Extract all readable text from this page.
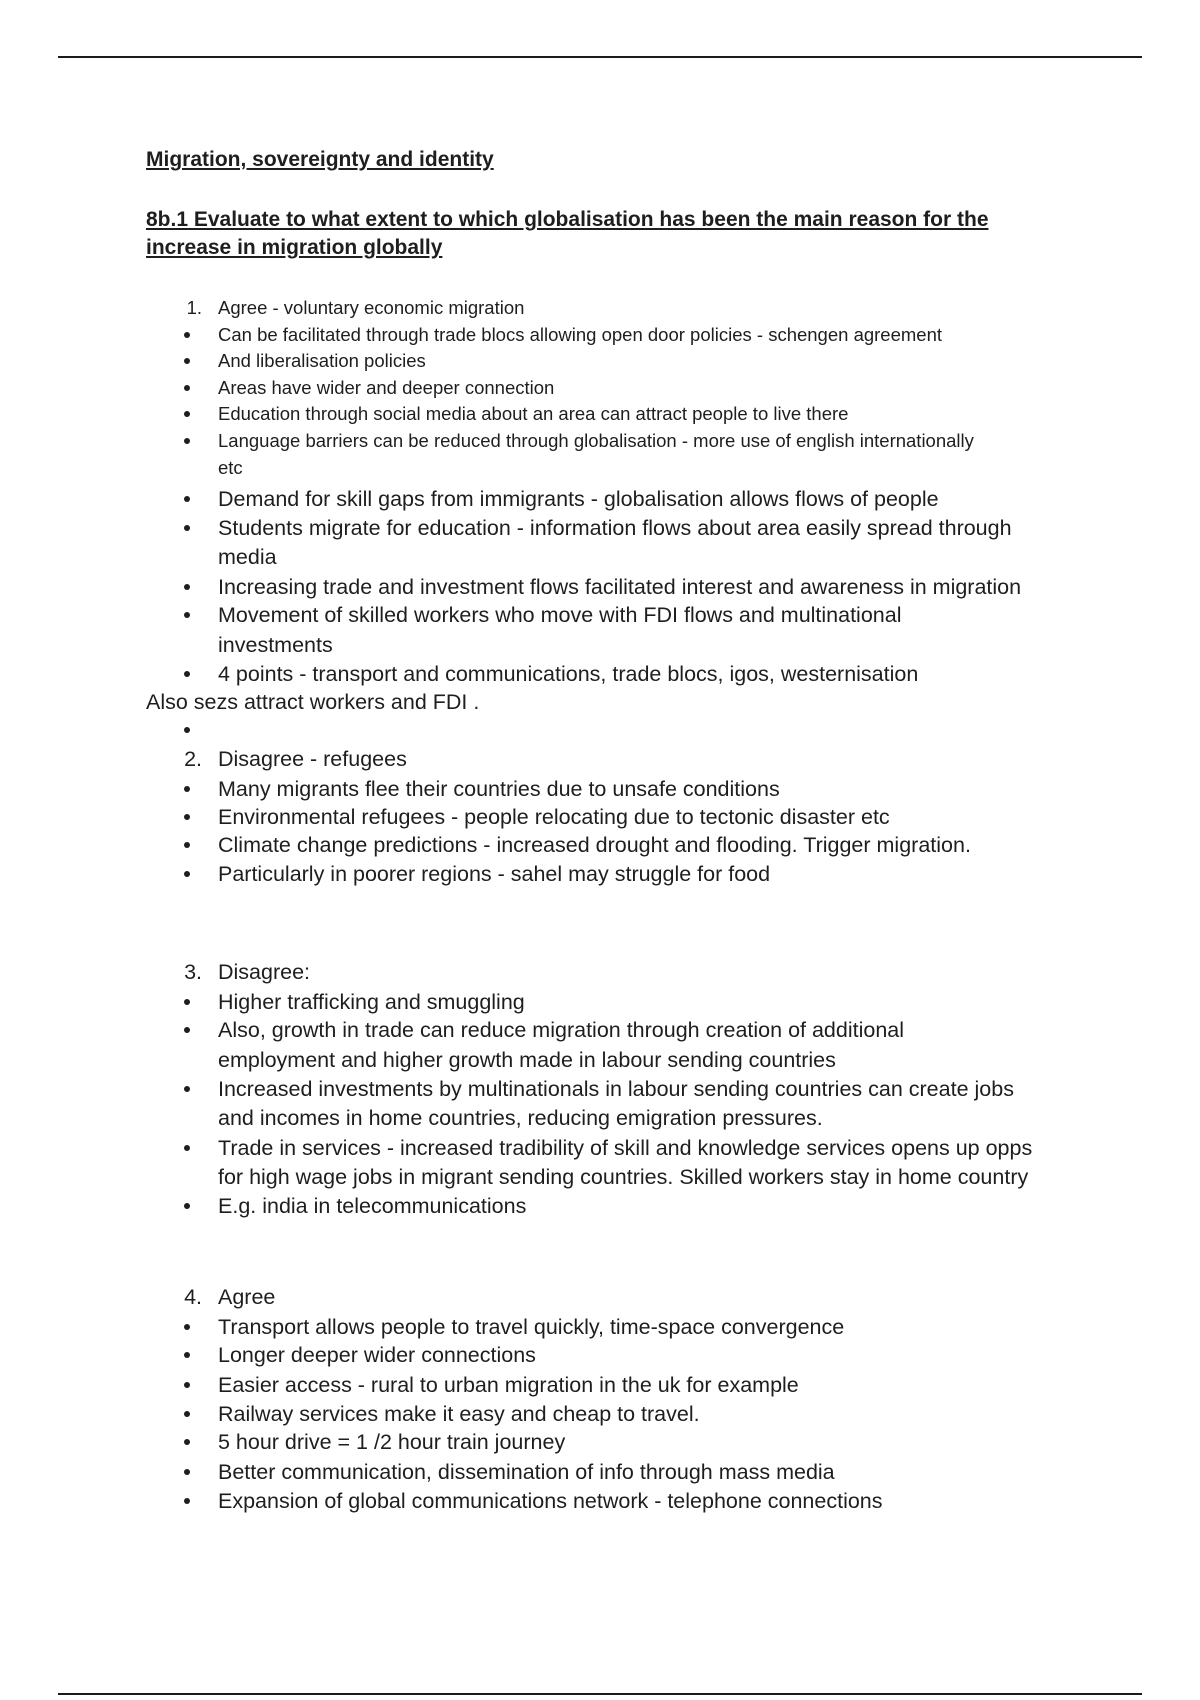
Migration, sovereignty and identity
8b.1 Evaluate to what extent to which globalisation has been the main reason for the
increase in migration globally
1. Agree - voluntary economic migration
Can be facilitated through trade blocs allowing open door policies - schengen agreement
And liberalisation policies
Areas have wider and deeper connection
Education through social media about an area can attract people to live there
Language barriers can be reduced through globalisation - more use of english internationally
etc
Demand for skill gaps from immigrants - globalisation allows flows of people
Students migrate for education - information flows about area easily spread through
media
Increasing trade and investment flows facilitated interest and awareness in migration
Movement of skilled workers who move with FDI flows and multinational
investments
4 points - transport and communications, trade blocs, igos, westernisation
Also sezs attract workers and FDI .
2. Disagree - refugees
Many migrants flee their countries due to unsafe conditions
Environmental refugees - people relocating due to tectonic disaster etc
Climate change predictions - increased drought and flooding. Trigger migration.
Particularly in poorer regions - sahel may struggle for food
3. Disagree:
Higher trafficking and smuggling
Also, growth in trade can reduce migration through creation of additional
employment and higher growth made in labour sending countries
Increased investments by multinationals in labour sending countries can create jobs
and incomes in home countries, reducing emigration pressures.
Trade in services - increased tradibility of skill and knowledge services opens up opps
for high wage jobs in migrant sending countries. Skilled workers stay in home country
E.g. india in telecommunications
4. Agree
Transport allows people to travel quickly, time-space convergence
Longer deeper wider connections
Easier access - rural to urban migration in the uk for example
Railway services make it easy and cheap to travel.
5 hour drive = 1 /2 hour train journey
Better communication, dissemination of info through mass media
Expansion of global communications network - telephone connections
